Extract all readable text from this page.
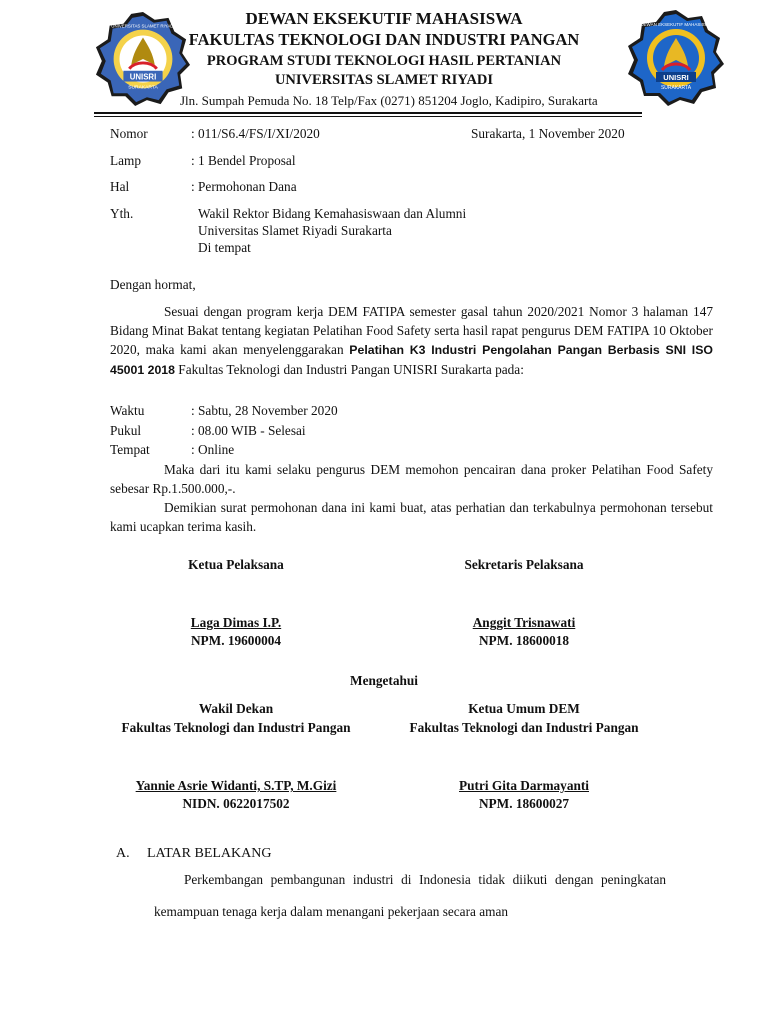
UNISRI
SURAKARTA
UNIVERSITAS SLAMET RIYADI
UNISRI
SURAKARTA
DEWAN EKSEKUTIF MAHASISWA
DEWAN EKSEKUTIF MAHASISWA
FAKULTAS TEKNOLOGI DAN INDUSTRI PANGAN
PROGRAM STUDI TEKNOLOGI HASIL PERTANIAN
UNIVERSITAS SLAMET RIYADI
Jln. Sumpah Pemuda No. 18 Telp/Fax (0271) 851204 Joglo, Kadipiro, Surakarta
Nomor	: 011/S6.4/FS/I/XI/2020	Surakarta, 1 November 2020
Lamp	: 1 Bendel Proposal
Hal	: Permohonan Dana
Yth.	Wakil Rektor Bidang Kemahasiswaan dan Alumni
Universitas Slamet Riyadi Surakarta
Di tempat
Dengan hormat,
Sesuai dengan program kerja DEM FATIPA semester gasal tahun 2020/2021 Nomor 3 halaman 147 Bidang Minat Bakat tentang kegiatan Pelatihan Food Safety serta hasil rapat pengurus DEM FATIPA 10 Oktober 2020, maka kami akan menyelenggarakan Pelatihan K3 Industri Pengolahan Pangan Berbasis SNI ISO 45001 2018 Fakultas Teknologi dan Industri Pangan UNISRI Surakarta pada:
Waktu	: Sabtu, 28 November 2020
Pukul	: 08.00 WIB - Selesai
Tempat	: Online
Maka dari itu kami selaku pengurus DEM memohon pencairan dana proker Pelatihan Food Safety sebesar Rp.1.500.000,-.
Demikian surat permohonan dana ini kami buat, atas perhatian dan terkabulnya permohonan tersebut kami ucapkan terima kasih.
Ketua Pelaksana	Sekretaris Pelaksana
Laga Dimas I.P.
NPM. 19600004
Anggit Trisnawati
NPM. 18600018
Mengetahui
Wakil Dekan
Fakultas Teknologi dan Industri Pangan
Ketua Umum DEM
Fakultas Teknologi dan Industri Pangan
Yannie Asrie Widanti, S.TP, M.Gizi
NIDN. 0622017502
Putri Gita Darmayanti
NPM. 18600027
A. LATAR BELAKANG
Perkembangan pembangunan industri di Indonesia tidak diikuti dengan peningkatan kemampuan tenaga kerja dalam menangani pekerjaan secara aman
